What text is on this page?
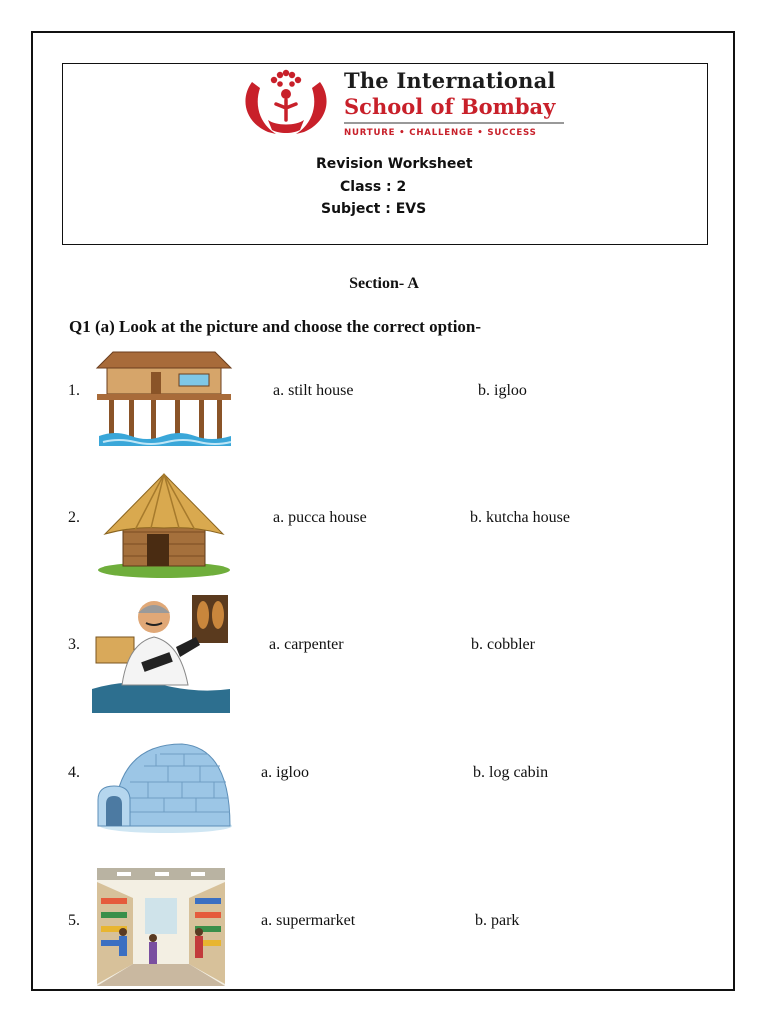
The International
School of Bombay
NURTURE • CHALLENGE • SUCCESS
Revision Worksheet
Class : 2
Subject : EVS
Section- A
Q1 (a) Look at the picture and choose the correct option-
1.	a. stilt house	b. igloo
2.	a. pucca house	b. kutcha house
3.	a. carpenter	b. cobbler
4.	a. igloo	b. log cabin
5.	a. supermarket	b. park
